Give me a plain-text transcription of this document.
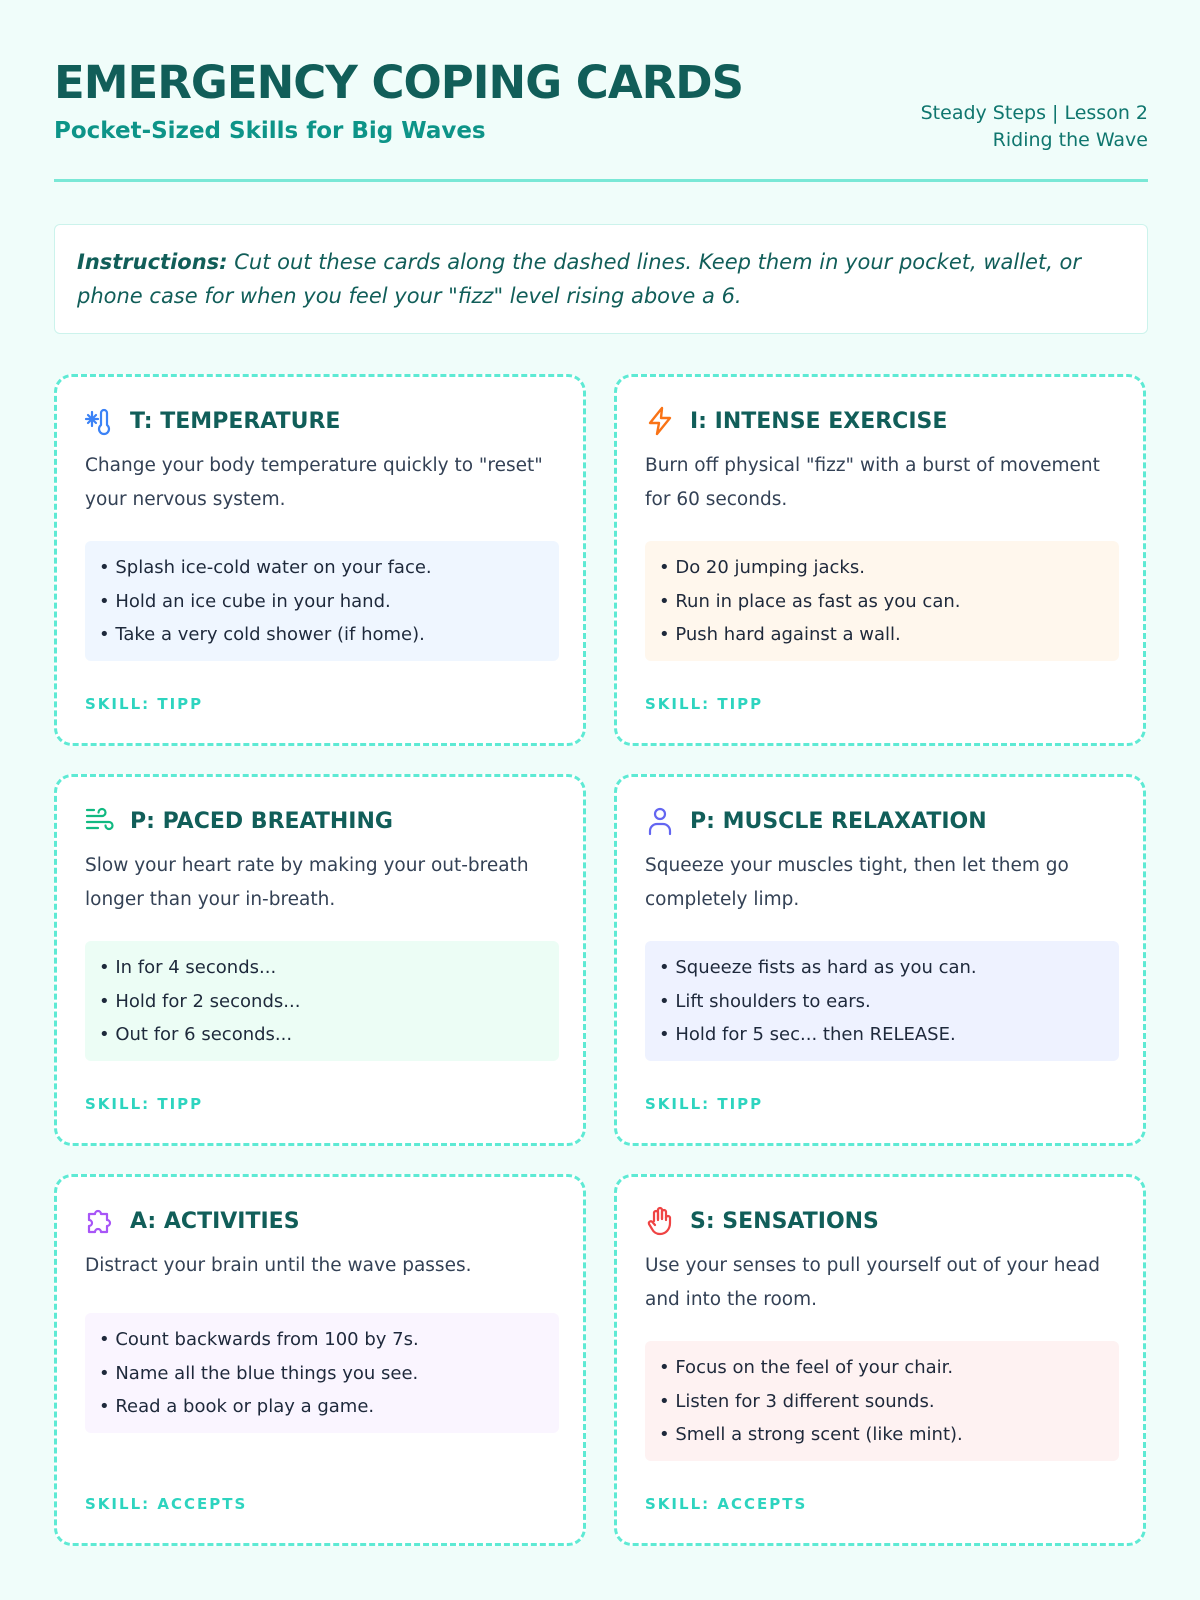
EMERGENCY COPING CARDS
Pocket-Sized Skills for Big Waves
Steady Steps | Lesson 2
Riding the Wave
Instructions: Cut out these cards along the dashed lines. Keep them in your pocket, wallet, or phone case for when you feel your "fizz" level rising above a 6.
T: TEMPERATURE
Change your body temperature quickly to "reset" your nervous system.
• Splash ice-cold water on your face.
• Hold an ice cube in your hand.
• Take a very cold shower (if home).
SKILL: TIPP
I: INTENSE EXERCISE
Burn off physical "fizz" with a burst of movement for 60 seconds.
• Do 20 jumping jacks.
• Run in place as fast as you can.
• Push hard against a wall.
SKILL: TIPP
P: PACED BREATHING
Slow your heart rate by making your out-breath longer than your in-breath.
• In for 4 seconds...
• Hold for 2 seconds...
• Out for 6 seconds...
SKILL: TIPP
P: MUSCLE RELAXATION
Squeeze your muscles tight, then let them go completely limp.
• Squeeze fists as hard as you can.
• Lift shoulders to ears.
• Hold for 5 sec... then RELEASE.
SKILL: TIPP
A: ACTIVITIES
Distract your brain until the wave passes.
• Count backwards from 100 by 7s.
• Name all the blue things you see.
• Read a book or play a game.
SKILL: ACCEPTS
S: SENSATIONS
Use your senses to pull yourself out of your head and into the room.
• Focus on the feel of your chair.
• Listen for 3 different sounds.
• Smell a strong scent (like mint).
SKILL: ACCEPTS
